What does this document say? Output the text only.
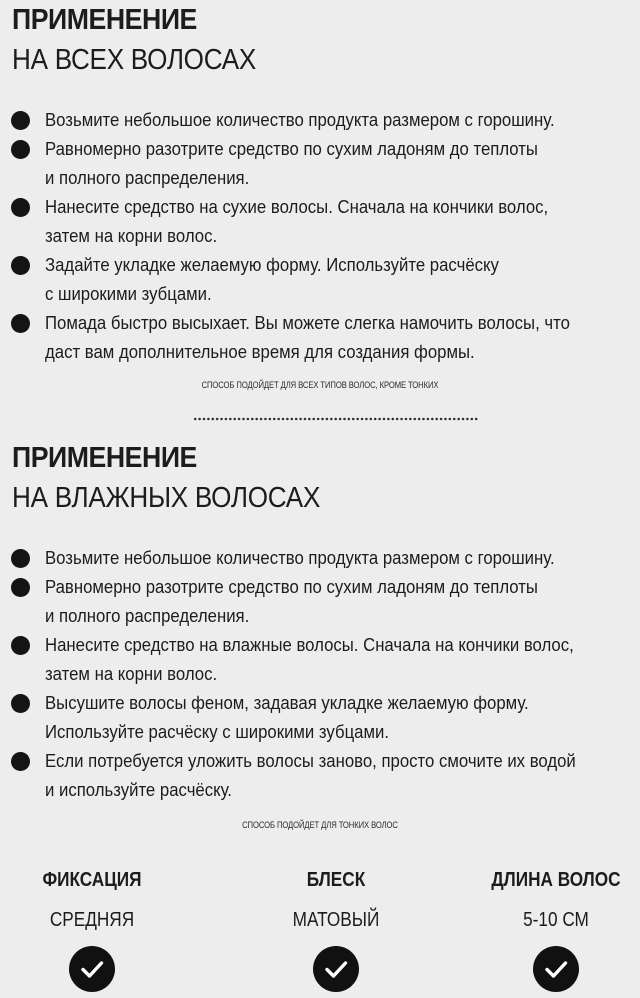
ПРИМЕНЕНИЕ
НА ВСЕХ ВОЛОСАХ
Возьмите небольшое количество продукта размером с горошину.
Равномерно разотрите средство по сухим ладоням до теплоты
и полного распределения.
Нанесите средство на сухие волосы. Сначала на кончики волос,
затем на корни волос.
Задайте укладке желаемую форму. Используйте расчёску
с широкими зубцами.
Помада быстро высыхает. Вы можете слегка намочить волосы, что
даст вам дополнительное время для создания формы.
СПОСОБ ПОДОЙДЕТ ДЛЯ ВСЕХ ТИПОВ ВОЛОС, КРОМЕ ТОНКИХ
ПРИМЕНЕНИЕ
НА ВЛАЖНЫХ ВОЛОСАХ
Возьмите небольшое количество продукта размером с горошину.
Равномерно разотрите средство по сухим ладоням до теплоты
и полного распределения.
Нанесите средство на влажные волосы. Сначала на кончики волос,
затем на корни волос.
Высушите волосы феном, задавая укладке желаемую форму.
Используйте расчёску с широкими зубцами.
Если потребуется уложить волосы заново, просто смочите их водой
и используйте расчёску.
СПОСОБ ПОДОЙДЕТ ДЛЯ ТОНКИХ ВОЛОС
ФИКСАЦИЯ
СРЕДНЯЯ
БЛЕСК
МАТОВЫЙ
ДЛИНА ВОЛОС
5-10 СМ
